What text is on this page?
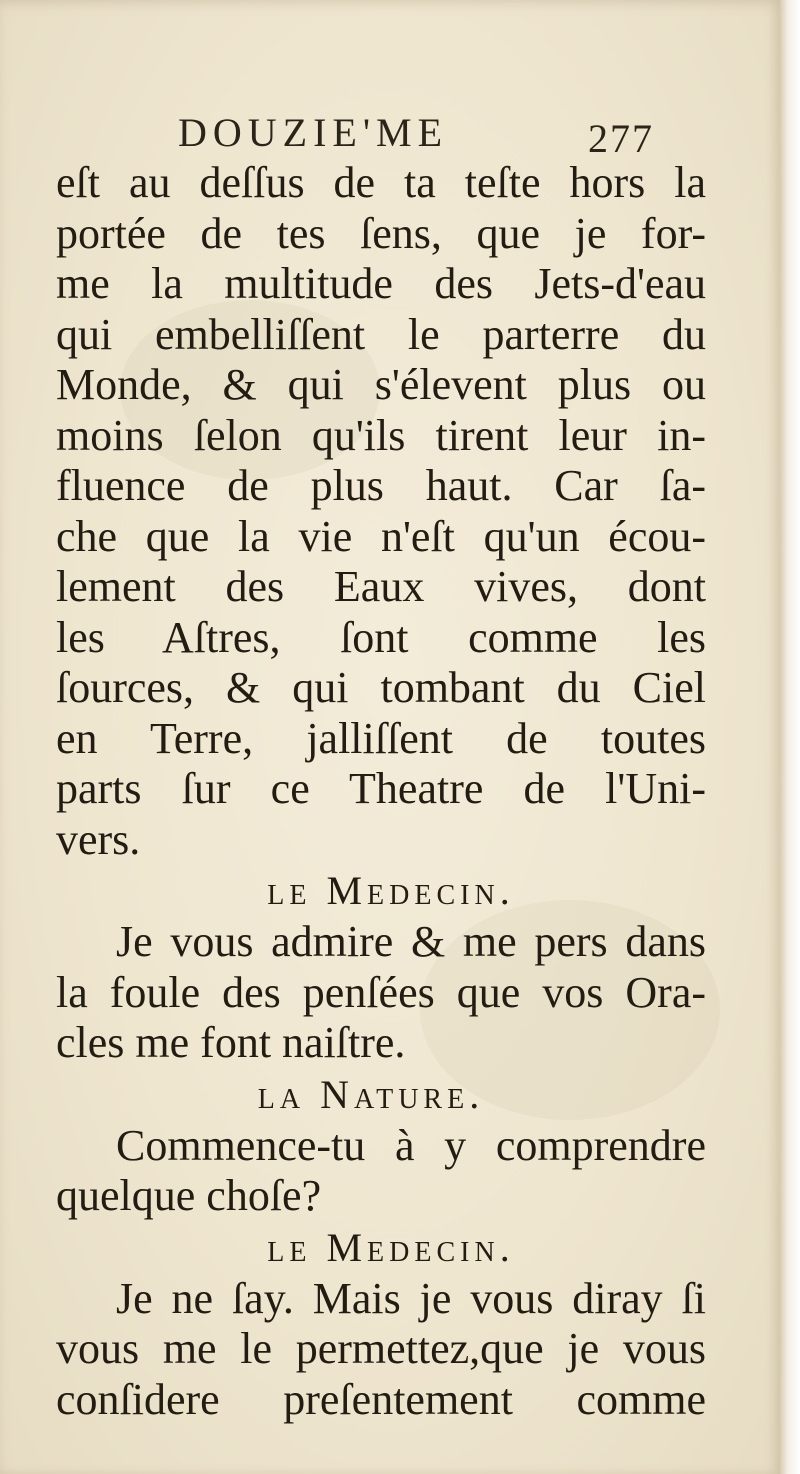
DOUZIE'ME	277
eſt au deſſus de ta teſte hors la
portée de tes ſens, que je for-
me la multitude des Jets-d'eau
qui embelliſſent le parterre du
Monde, & qui s'élevent plus ou
moins ſelon qu'ils tirent leur in-
fluence de plus haut. Car ſa-
che que la vie n'eſt qu'un écou-
lement des Eaux vives, dont
les Aſtres, ſont comme les
ſources, & qui tombant du Ciel
en Terre, jalliſſent de toutes
parts ſur ce Theatre de l'Uni-
vers.
le Medecin.
Je vous admire & me pers dans
la foule des penſées que vos Ora-
cles me font naiſtre.
la Nature.
Commence-tu à y comprendre
quelque choſe?
le Medecin.
Je ne ſay. Mais je vous diray ſi
vous me le permettez,que je vous
conſidere preſentement comme
